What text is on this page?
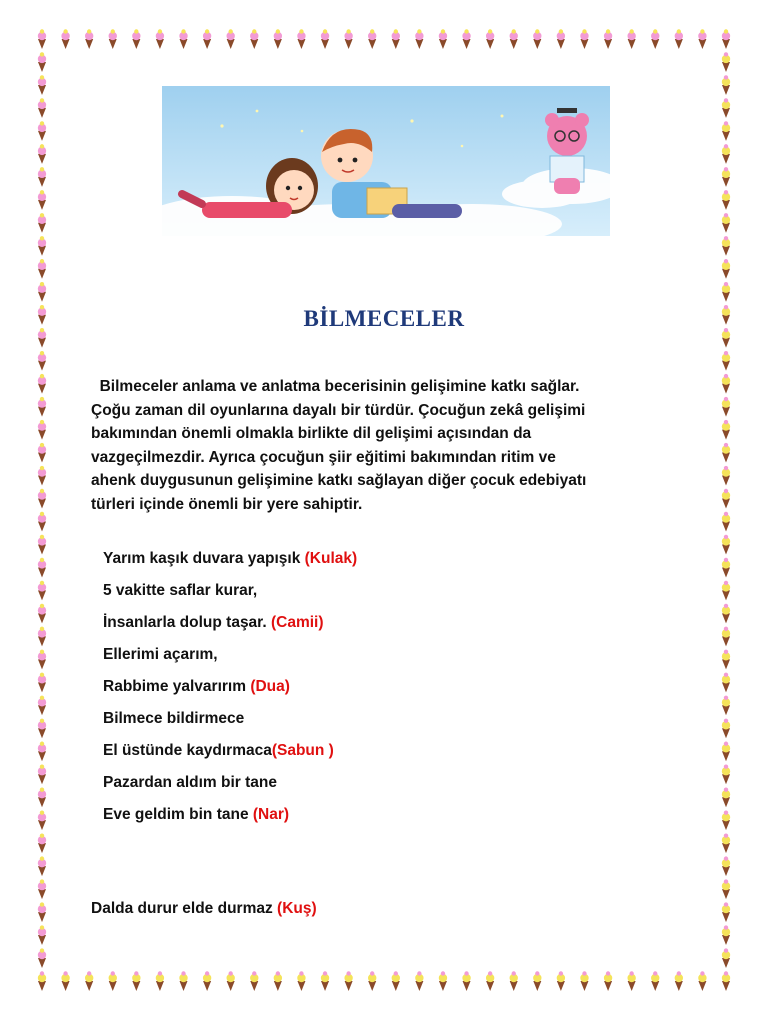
BİLMECELER
Bilmeceler anlama ve anlatma becerisinin gelişimine katkı sağlar.
Çoğu zaman dil oyunlarına dayalı bir türdür. Çocuğun zekâ gelişimi
bakımından önemli olmakla birlikte dil gelişimi açısından da
vazgeçilmezdir. Ayrıca çocuğun şiir eğitimi bakımından ritim ve
ahenk duygusunun gelişimine katkı sağlayan diğer çocuk edebiyatı
türleri içinde önemli bir yere sahiptir.
Yarım kaşık duvara yapışık (Kulak)
5 vakitte saflar kurar,
İnsanlarla dolup taşar. (Camii)
Ellerimi açarım,
Rabbime yalvarırım (Dua)
Bilmece bildirmece
El üstünde kaydırmaca(Sabun )
Pazardan aldım bir tane
Eve geldim bin tane (Nar)
Dalda durur elde durmaz (Kuş)
